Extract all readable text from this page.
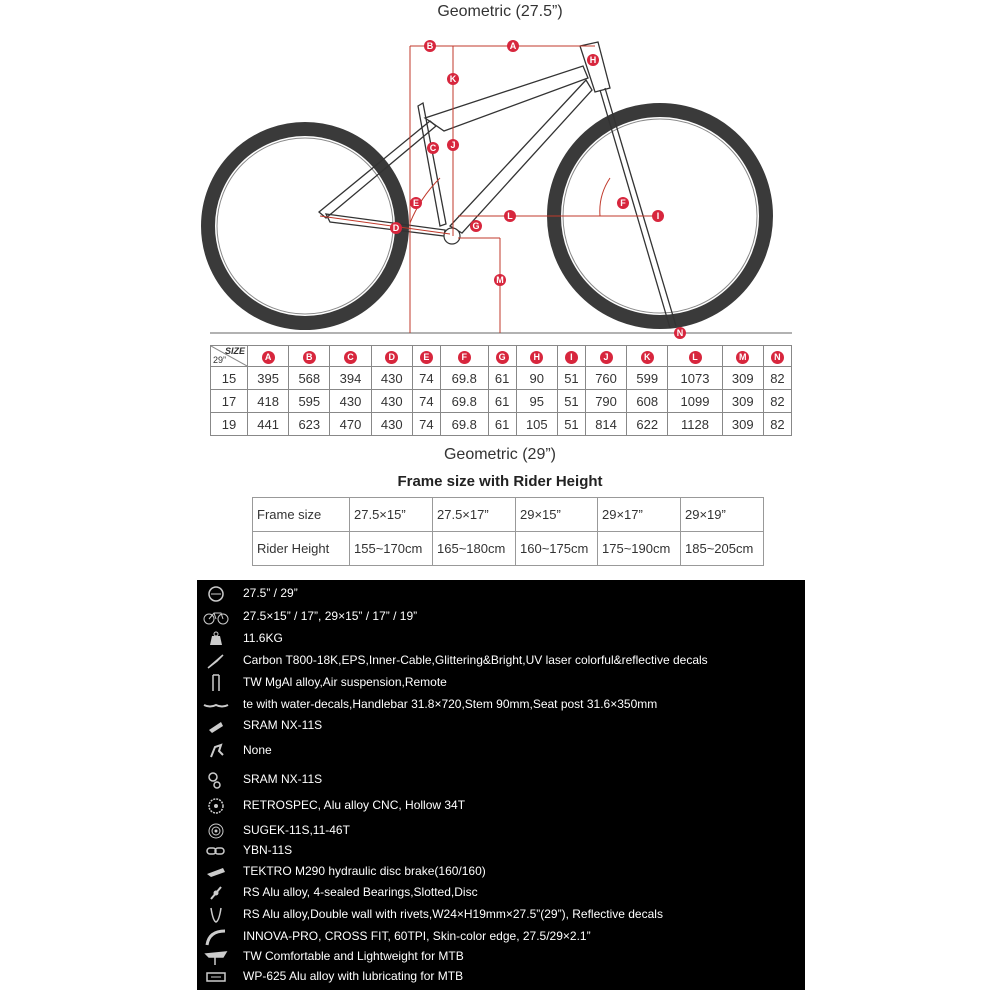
Geometric (27.5”)
A
B
C
D
E	F
G
H
I
J
K
L
M
N
SIZE
29”	A	B	C	D	E	F	G	H	I	J	K	L	M	N
15	395	568	394	430	74	69.8	61	90	51	760	599	1073	309	82
17	418	595	430	430	74	69.8	61	95	51	790	608	1099	309	82
19	441	623	470	430	74	69.8	61	105	51	814	622	1128	309	82
Geometric (29”)
Frame size with Rider Height
Frame size	27.5×15”	27.5×17”	29×15”	29×17”	29×19”
Rider Height	155~170cm	165~180cm	160~175cm	175~190cm	185~205cm
27.5” / 29”
27.5×15” / 17”, 29×15” / 17” / 19”
11.6KG
Carbon T800-18K,EPS,Inner-Cable,Glittering&Bright,UV laser colorful&reflective decals
TW MgAl alloy,Air suspension,Remote
te with water-decals,Handlebar 31.8×720,Stem 90mm,Seat post 31.6×350mm
SRAM NX-11S
None
SRAM NX-11S
RETROSPEC, Alu alloy CNC, Hollow 34T
SUGEK-11S,11-46T
YBN-11S
TEKTRO M290 hydraulic disc brake(160/160)
RS Alu alloy, 4-sealed Bearings,Slotted,Disc
RS Alu alloy,Double wall with rivets,W24×H19mm×27.5”(29”), Reflective decals
INNOVA-PRO, CROSS FIT, 60TPI, Skin-color edge, 27.5/29×2.1”
TW Comfortable and Lightweight for MTB
WP-625 Alu alloy with lubricating for MTB
